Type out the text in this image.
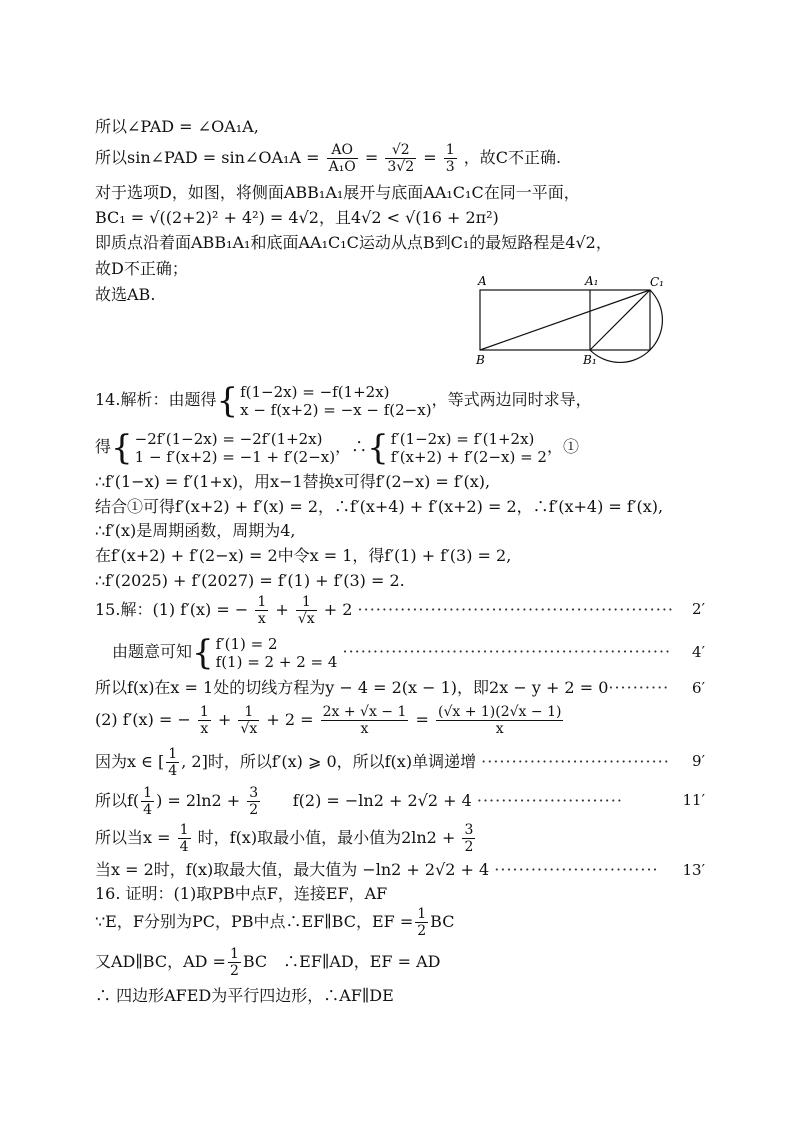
所以∠PAD = ∠OA₁A,
所以sin∠PAD = sin∠OA₁A = $\frac{AO}{\text{A₁O}} = \frac{√2}{3√2} = \frac{1}{3}$ ，故C不正确.
对于选项D，如图，将侧面ABB₁A₁展开与底面AA₁C₁C在同一平面，
BC₁ = √((2+2)² + 4²) = 4√2，且4√2 < √(16 + 2π²)
即质点沿着面ABB₁A₁和底面AA₁C₁C运动从点B到C₁的最短路程是4√2，
故D不正确；
故选AB.
A	A₁	C₁
B	B₁
14.解析：由题得{ f(1−2x) = −f(1+2x)
x − f(x+2) = −x − f(2−x)，等式两边同时求导，
得{ −2f′(1−2x) = −2f′(1+2x)
1 − f′(x+2) = −1 + f′(2−x)，∴{ f′(1−2x) = f′(1+2x)
f′(x+2) + f′(2−x) = 2，①
∴f′(1−x) = f′(1+x)，用x−1替换x可得f′(2−x) = f′(x),
结合①可得f′(x+2) + f′(x) = 2，∴f′(x+4) + f′(x+2) = 2，∴f′(x+4) = f′(x),
∴f′(x)是周期函数，周期为4,
在f′(x+2) + f′(2−x) = 2中令x = 1，得f′(1) + f′(3) = 2,
∴f′(2025) + f′(2027) = f′(1) + f′(3) = 2.
15.解：(1) f′(x) = − $\frac{1}{x} + \frac{1}{√x} + 2$ ···················································· 2′
由题意可知{ f′(1) = 2
f(1) = 2 + 2 = 4 ······················································ 4′
所以f(x)在x = 1处的切线方程为y − 4 = 2(x − 1)，即2x − y + 2 = 0·········· 6′
(2) f′(x) = − $\frac{1}{x} + \frac{1}{√x} + 2 = \frac{2x + √x - 1}{x} = \frac{(√x + 1)(2√x - 1)}{x}$
因为x ∈ [ $\frac{1}{4}$ , 2]时，所以f′(x) ⩾ 0，所以f(x)单调递增 ······························· 9′
所以$f( \frac{1}{4}$ ) = $2\ln 2 + \frac{3}{2} f(2) = -\ln 2 + 2√2 + 4$ ························	11′
所以当$x = \frac{1}{4}$ 时，f(x)取最小值，最小值为$2\ln 2 + \frac{3}{2}$
当x = 2时，f(x)取最大值，最大值为 −ln2 + 2√2 + 4 ··························· 13′
16. 证明：(1)取PB中点F，连接EF，AF
∵E，F分别为PC，PB中点∴EF∥BC，EF = $\frac{1}{2}$ BC
又AD∥BC，AD = $\frac{1}{2}$ BC　∴EF∥AD，EF = AD
∴ 四边形AFED为平行四边形，∴AF∥DE
